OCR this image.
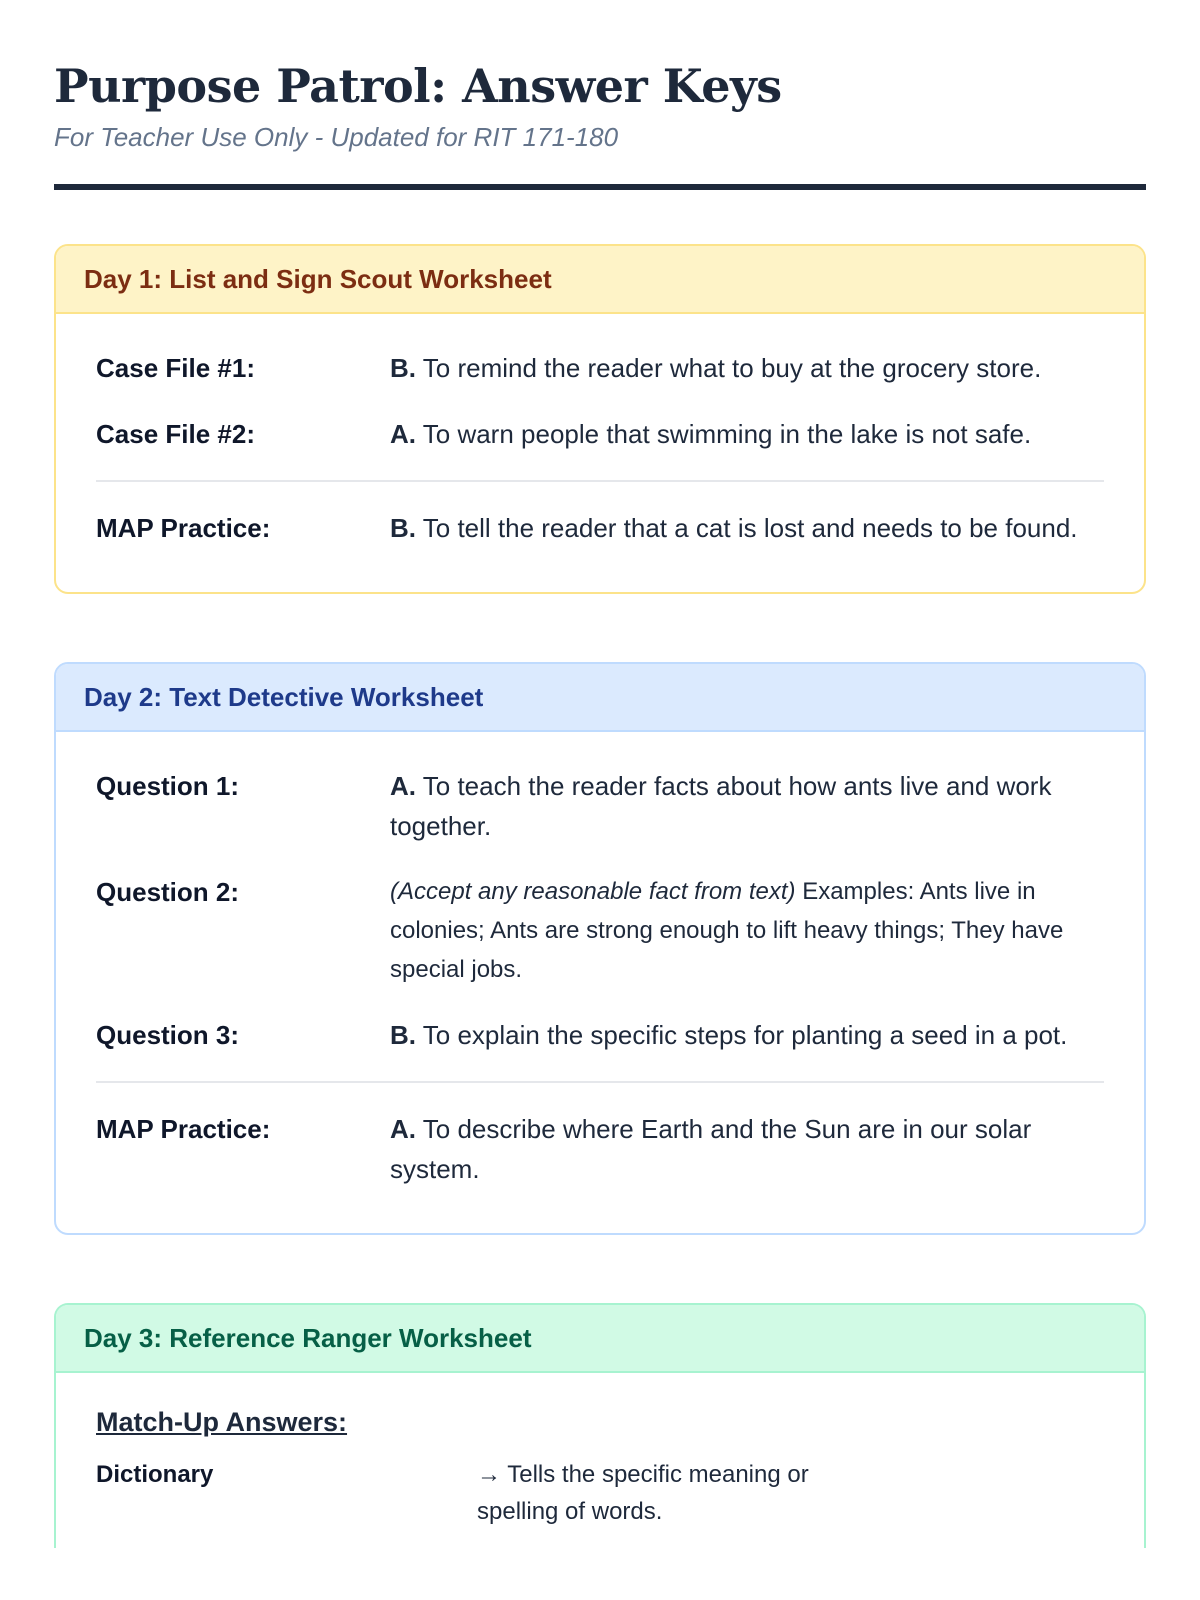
Purpose Patrol: Answer Keys
For Teacher Use Only - Updated for RIT 171-180
Day 1: List and Sign Scout Worksheet
Case File #1:	B. To remind the reader what to buy at the grocery store.
Case File #2:	A. To warn people that swimming in the lake is not safe.
MAP Practice:	B. To tell the reader that a cat is lost and needs to be found.
Day 2: Text Detective Worksheet
Question 1:	A. To teach the reader facts about how ants live and work together.
Question 2:	(Accept any reasonable fact from text) Examples: Ants live in colonies; Ants are strong enough to lift heavy things; They have special jobs.
Question 3:	B. To explain the specific steps for planting a seed in a pot.
MAP Practice:	A. To describe where Earth and the Sun are in our solar system.
Day 3: Reference Ranger Worksheet
Match-Up Answers:
Dictionary	→ Tells the specific meaning or spelling of words.
